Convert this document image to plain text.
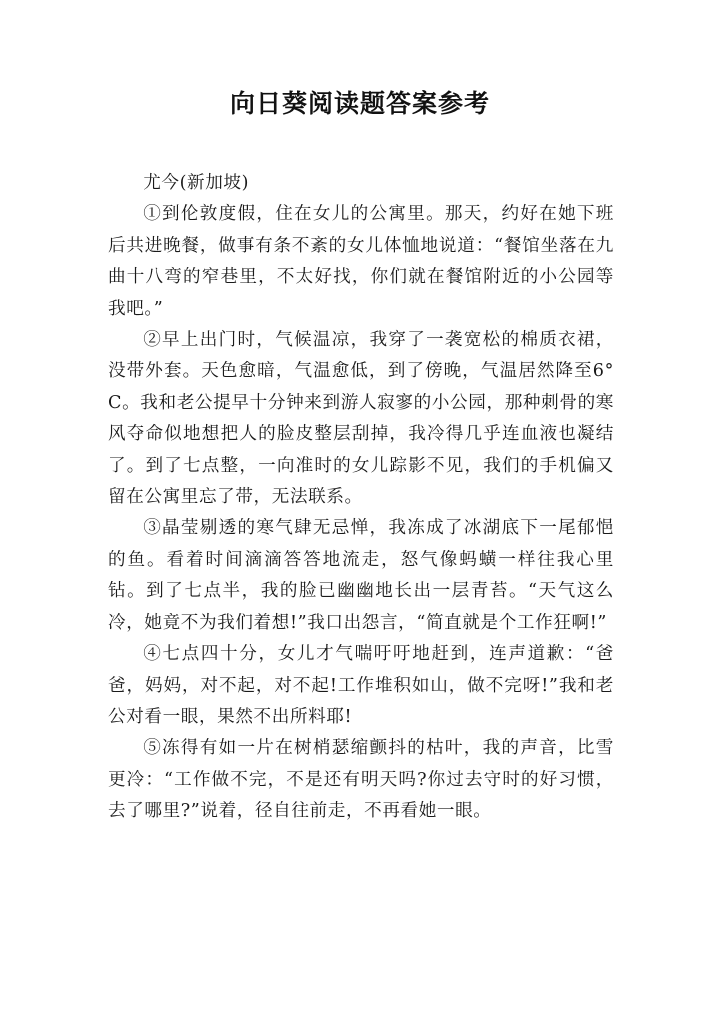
向日葵阅读题答案参考

尤今(新加坡)

①到伦敦度假，住在女儿的公寓里。那天，约好在她下班后共进晚餐，做事有条不紊的女儿体恤地说道：“餐馆坐落在九曲十八弯的窄巷里，不太好找，你们就在餐馆附近的小公园等我吧。”

②早上出门时，气候温凉，我穿了一袭宽松的棉质衣裙，没带外套。天色愈暗，气温愈低，到了傍晚，气温居然降至6° C。我和老公提早十分钟来到游人寂寥的小公园，那种刺骨的寒风夺命似地想把人的脸皮整层刮掉，我冷得几乎连血液也凝结了。到了七点整，一向准时的女儿踪影不见，我们的手机偏又留在公寓里忘了带，无法联系。

③晶莹剔透的寒气肆无忌惮，我冻成了冰湖底下一尾郁悒的鱼。看着时间滴滴答答地流走，怒气像蚂蟥一样往我心里钻。到了七点半，我的脸已幽幽地长出一层青苔。“天气这么冷，她竟不为我们着想!”我口出怨言，“简直就是个工作狂啊!”

④七点四十分，女儿才气喘吁吁地赶到，连声道歉：“爸爸，妈妈，对不起，对不起!工作堆积如山，做不完呀!”我和老公对看一眼，果然不出所料耶!

⑤冻得有如一片在树梢瑟缩颤抖的枯叶，我的声音，比雪更冷：“工作做不完，不是还有明天吗?你过去守时的好习惯，去了哪里?”说着，径自往前走，不再看她一眼。
